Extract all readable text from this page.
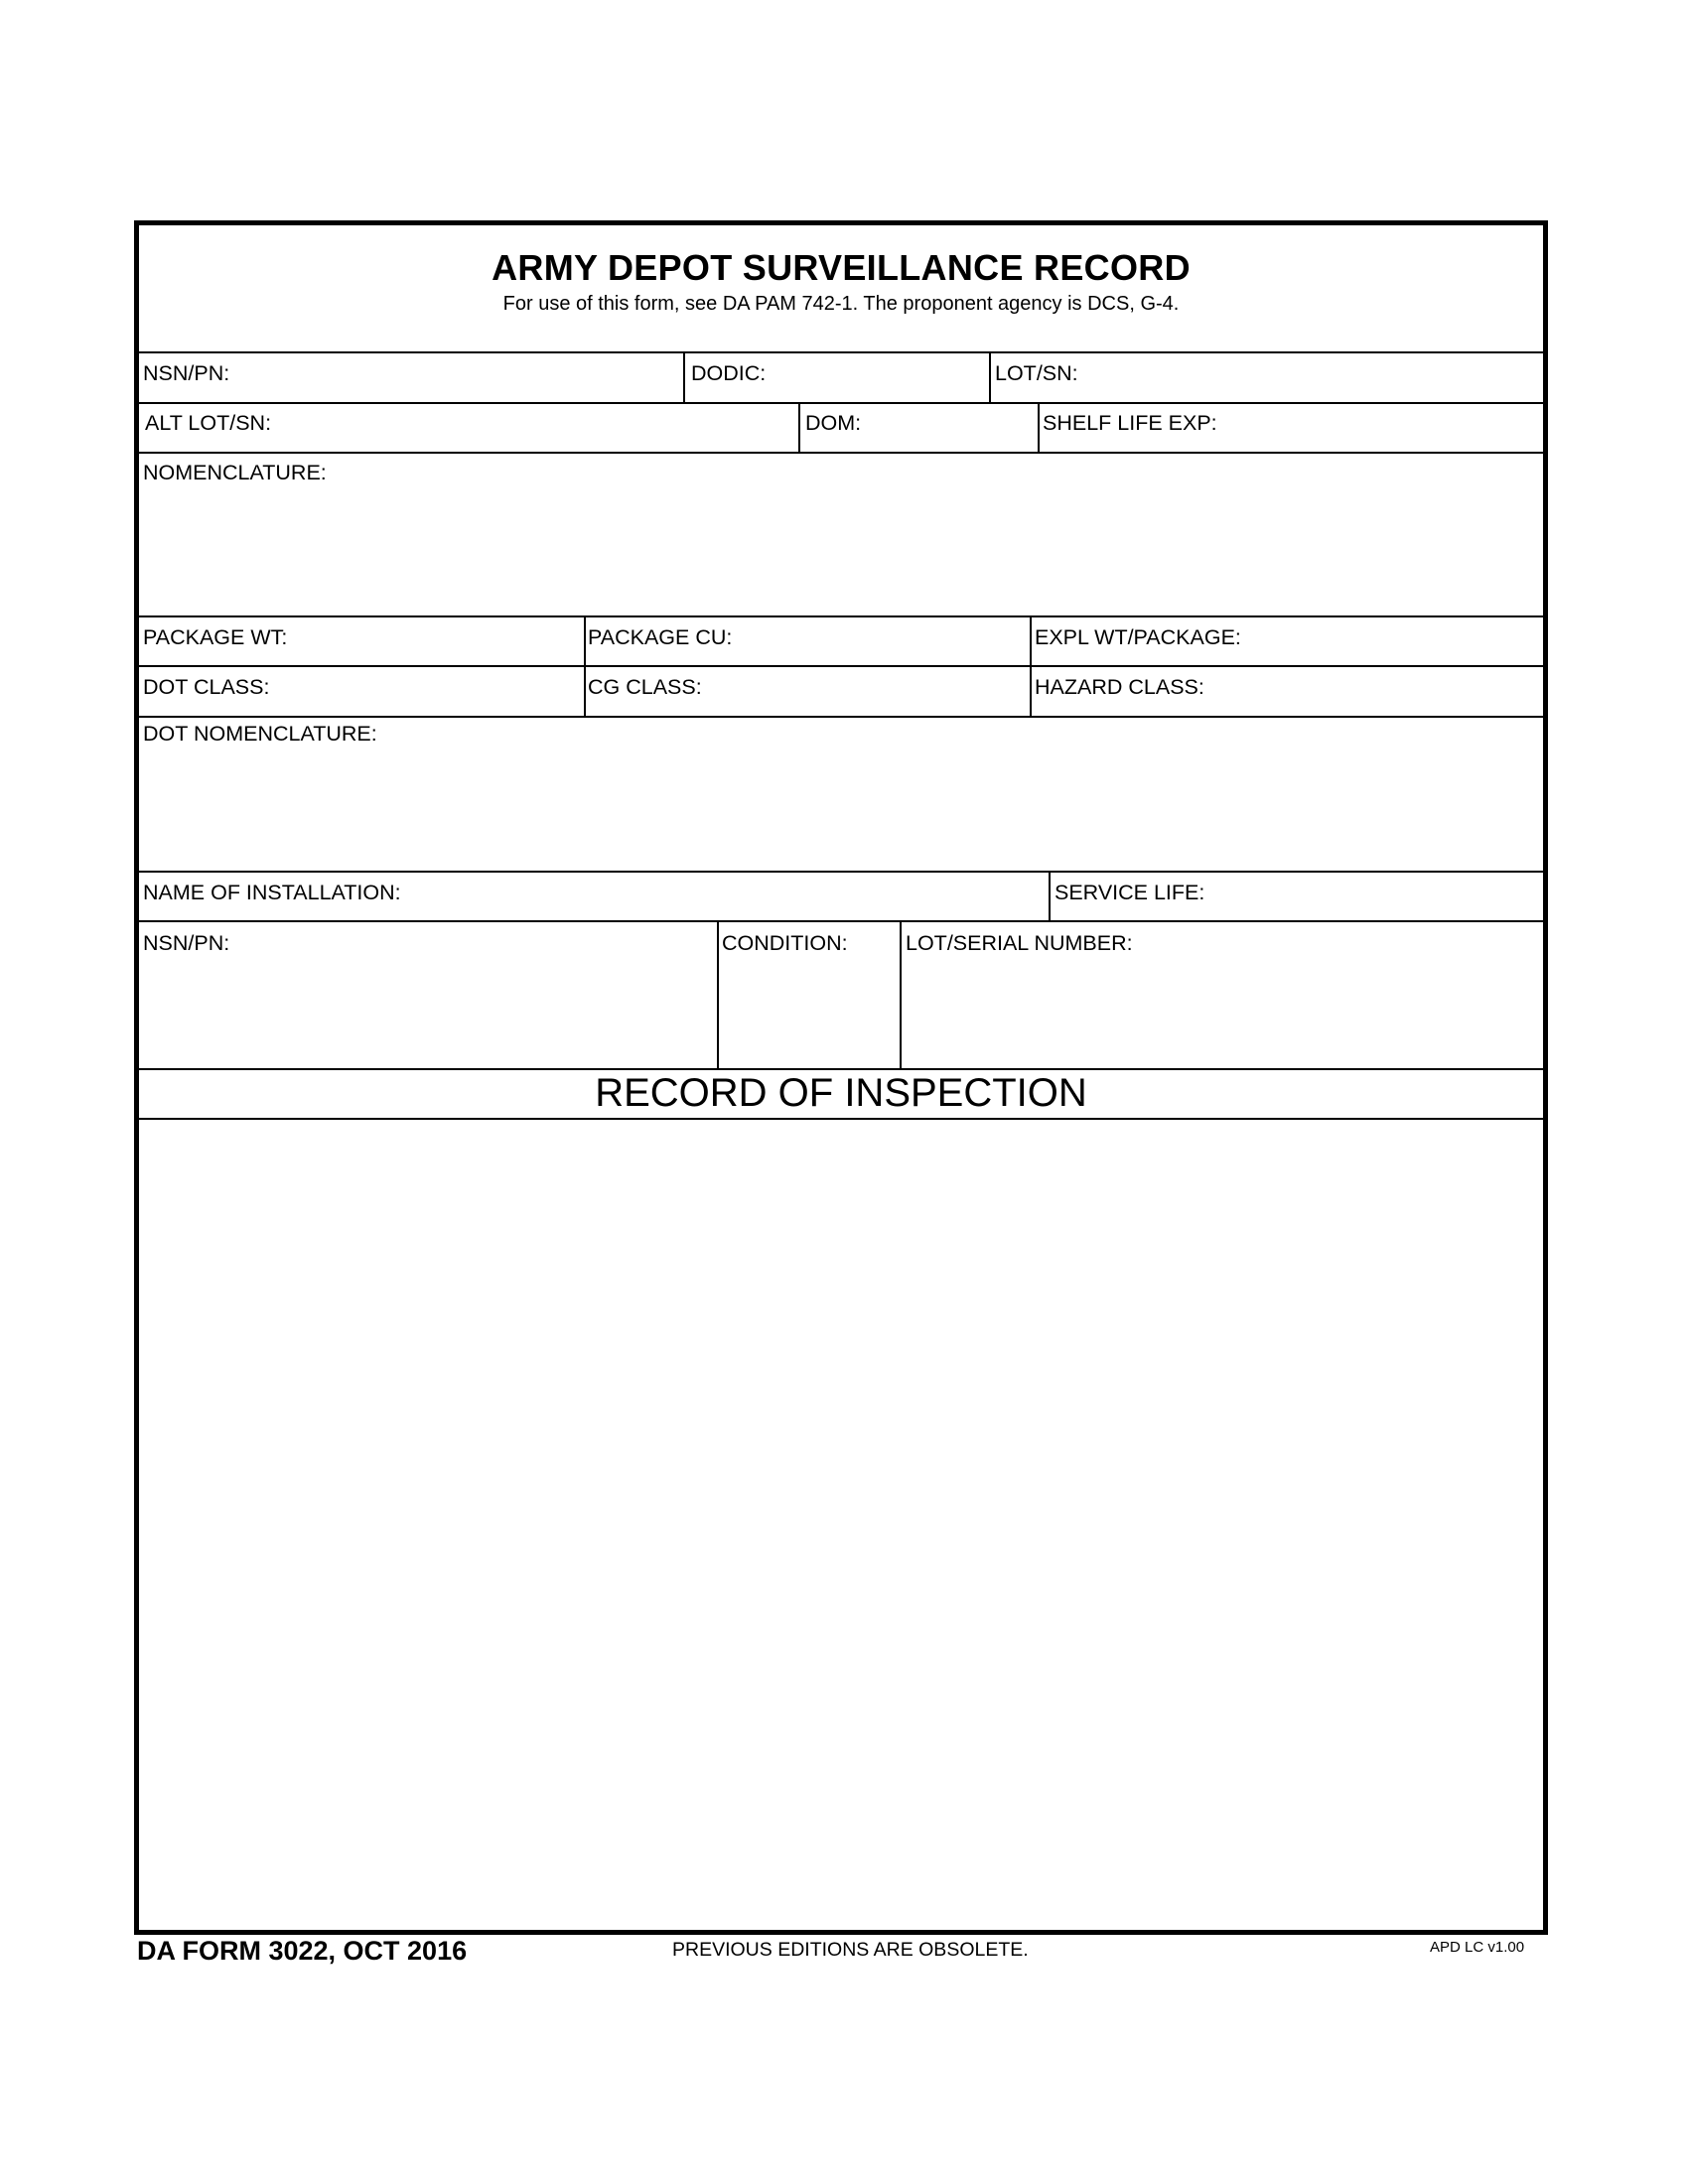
ARMY DEPOT SURVEILLANCE RECORD
For use of this form, see DA PAM 742-1. The proponent agency is DCS, G-4.
NSN/PN:	DODIC:	LOT/SN:
ALT LOT/SN:	DOM:	SHELF LIFE EXP:
NOMENCLATURE:
PACKAGE WT:	PACKAGE CU:	EXPL WT/PACKAGE:
DOT CLASS:	CG CLASS:	HAZARD CLASS:
DOT NOMENCLATURE:
NAME OF INSTALLATION:	SERVICE LIFE:
NSN/PN:	CONDITION:	LOT/SERIAL NUMBER:
RECORD OF INSPECTION
DA FORM 3022, OCT 2016	PREVIOUS EDITIONS ARE OBSOLETE.	APD LC v1.00
